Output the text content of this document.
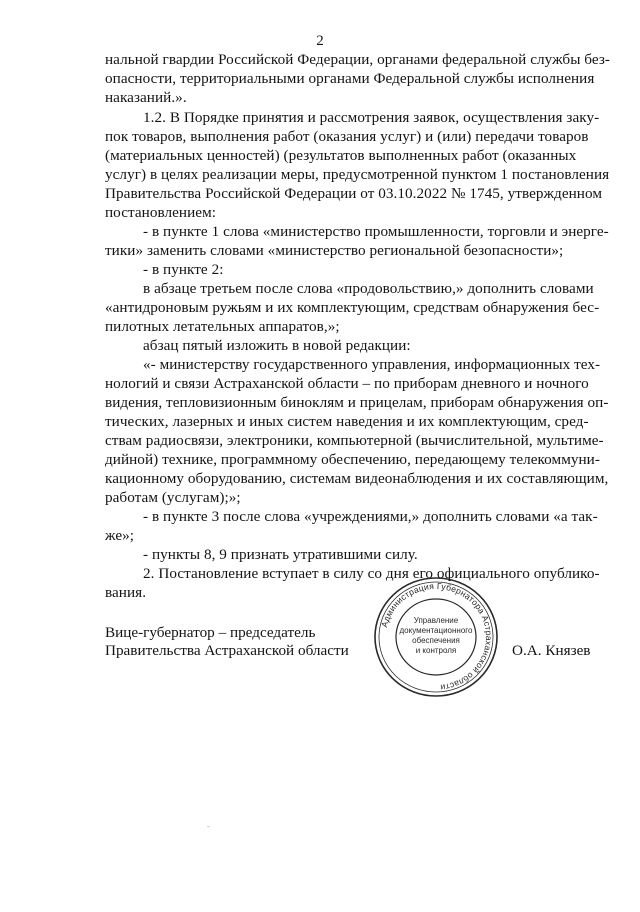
2
нальной гвардии Российской Федерации, органами федеральной службы без-
опасности, территориальными органами Федеральной службы исполнения
наказаний.».
1.2. В Порядке принятия и рассмотрения заявок, осуществления заку-
пок товаров, выполнения работ (оказания услуг) и (или) передачи товаров
(материальных ценностей) (результатов выполненных работ (оказанных
услуг) в целях реализации меры, предусмотренной пунктом 1 постановления
Правительства Российской Федерации от 03.10.2022 № 1745, утвержденном
постановлением:
- в пункте 1 слова «министерство промышленности, торговли и энерге-
тики» заменить словами «министерство региональной безопасности»;
- в пункте 2:
в абзаце третьем после слова «продовольствию,» дополнить словами
«антидроновым ружьям и их комплектующим, средствам обнаружения бес-
пилотных летательных аппаратов,»;
абзац пятый изложить в новой редакции:
«- министерству государственного управления, информационных тех-
нологий и связи Астраханской области – по приборам дневного и ночного
видения, тепловизионным биноклям и прицелам, приборам обнаружения оп-
тических, лазерных и иных систем наведения и их комплектующим, сред-
ствам радиосвязи, электроники, компьютерной (вычислительной, мультиме-
дийной) технике, программному обеспечению, передающему телекоммуни-
кационному оборудованию, системам видеонаблюдения и их составляющим,
работам (услугам);»;
- в пункте 3 после слова «учреждениями,» дополнить словами «а так-
же»;
- пункты 8, 9 признать утратившими силу.
2. Постановление вступает в силу со дня его официального опублико-
вания.
Вице-губернатор – председатель
Правительства Астраханской области	О.А. Князев
Администрация Губернатора Астраханской области
Управление
документационного
обеспечения
и контроля
-
